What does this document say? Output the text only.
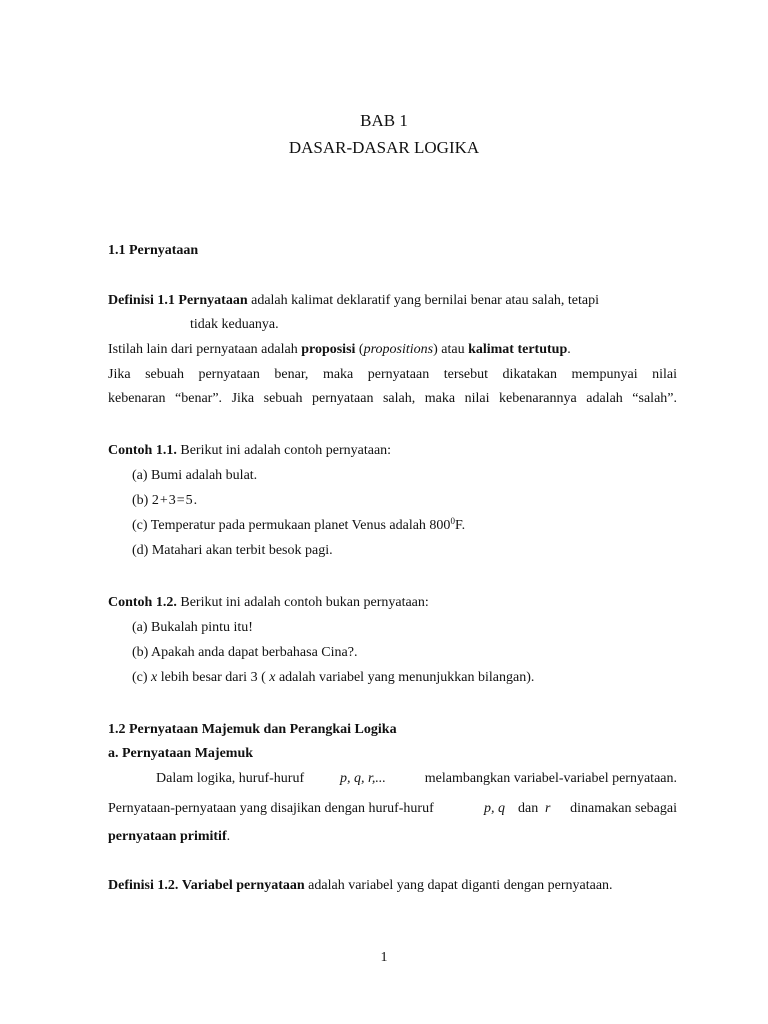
BAB 1
DASAR-DASAR LOGIKA
1.1 Pernyataan
Definisi 1.1 Pernyataan adalah kalimat deklaratif yang bernilai benar atau salah, tetapi
tidak keduanya.
Istilah lain dari pernyataan adalah proposisi (propositions) atau kalimat tertutup.
Jika sebuah pernyataan benar, maka pernyataan tersebut dikatakan mempunyai nilai
kebenaran “benar”. Jika sebuah pernyataan salah, maka nilai kebenarannya adalah “salah”.
Contoh 1.1. Berikut ini adalah contoh pernyataan:
(a) Bumi adalah bulat.
(b) 2+3=5.
(c) Temperatur pada permukaan planet Venus adalah $800^0F$.
(d) Matahari akan terbit besok pagi.
Contoh 1.2. Berikut ini adalah contoh bukan pernyataan:
(a) Bukalah pintu itu!
(b) Apakah anda dapat berbahasa Cina?.
(c) x lebih besar dari 3 ( x adalah variabel yang menunjukkan bilangan).
1.2 Pernyataan Majemuk dan Perangkai Logika
a. Pernyataan Majemuk
Dalam logika, huruf-huruf	p, q, r,...	melambangkan variabel-variabel pernyataan.
Pernyataan-pernyataan yang disajikan dengan huruf-huruf	p, q dan r dinamakan sebagai
pernyataan primitif.
Definisi 1.2. Variabel pernyataan adalah variabel yang dapat diganti dengan pernyataan.
1
